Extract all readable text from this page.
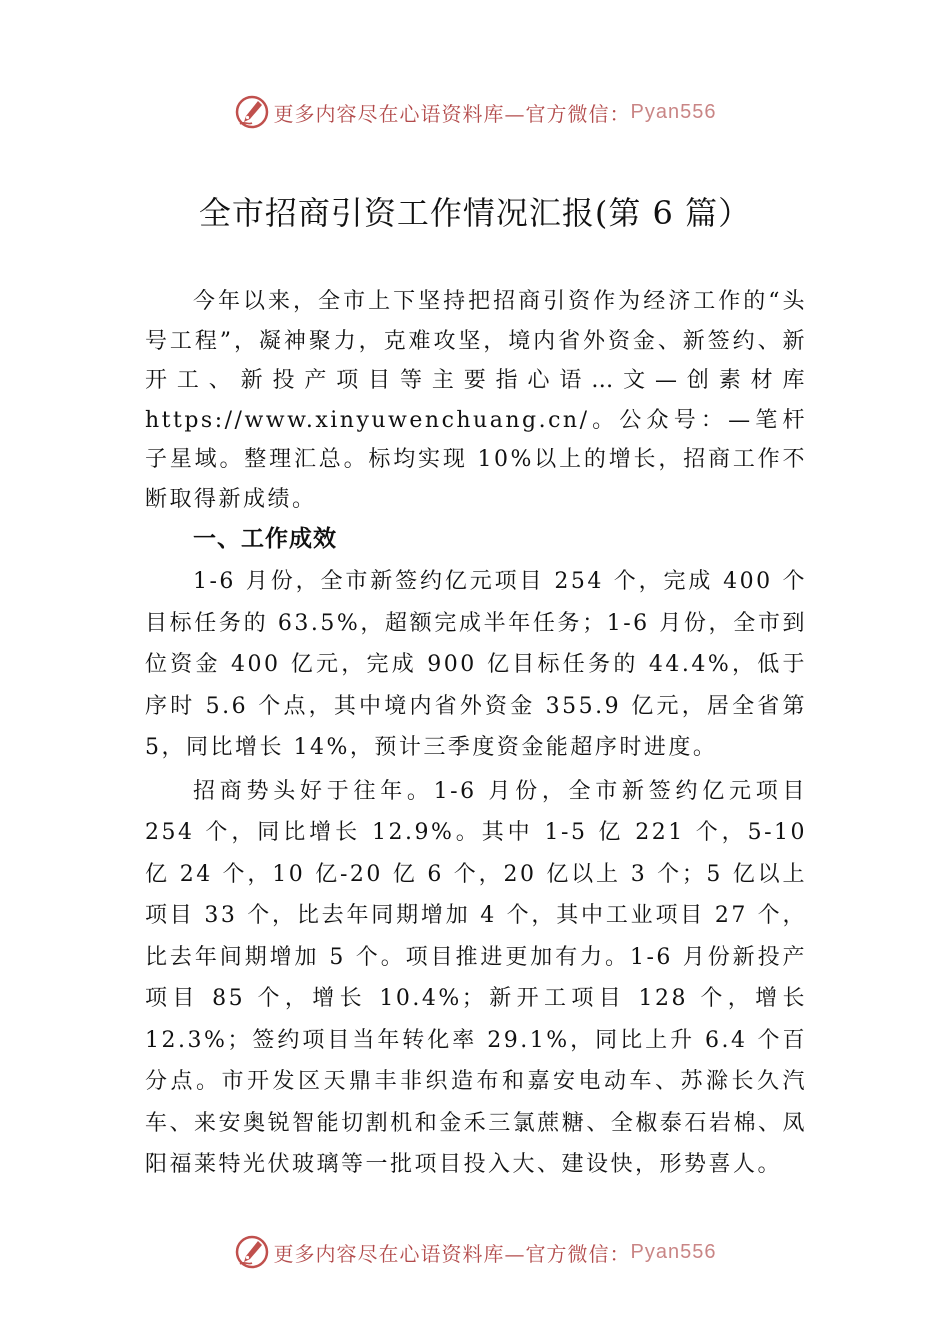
更多内容尽在心语资料库—官方微信： Pyan556
全市招商引资工作情况汇报(第 6 篇）

今年以来，全市上下坚持把招商引资作为经济工作的“头号工程”，凝神聚力，克难攻坚，境内省外资金、新签约、新开工、新投产项目等主要指心语…文—创素材库 https://www.xinyuwenchuang.cn/。公众号：—笔杆子星域。整理汇总。标均实现 10%以上的增长，招商工作不断取得新成绩。

一、工作成效

1-6 月份，全市新签约亿元项目 254 个，完成 400 个目标任务的 63.5%，超额完成半年任务；1-6 月份，全市到位资金 400 亿元，完成 900 亿目标任务的 44.4%，低于序时 5.6 个点，其中境内省外资金 355.9 亿元，居全省第 5，同比增长 14%，预计三季度资金能超序时进度。

招商势头好于往年。1-6 月份，全市新签约亿元项目 254 个，同比增长 12.9%。其中 1-5 亿 221 个，5-10 亿 24 个，10 亿-20 亿 6 个，20 亿以上 3 个；5 亿以上项目 33 个，比去年同期增加 4 个，其中工业项目 27 个，比去年间期增加 5 个。项目推进更加有力。1-6 月份新投产项目 85 个，增长 10.4%；新开工项目 128 个，增长 12.3%；签约项目当年转化率 29.1%，同比上升 6.4 个百分点。市开发区天鼎丰非织造布和嘉安电动车、苏滁长久汽车、来安奥锐智能切割机和金禾三氯蔗糖、全椒泰石岩棉、凤阳福莱特光伏玻璃等一批项目投入大、建设快，形势喜人。

更多内容尽在心语资料库—官方微信： Pyan556
